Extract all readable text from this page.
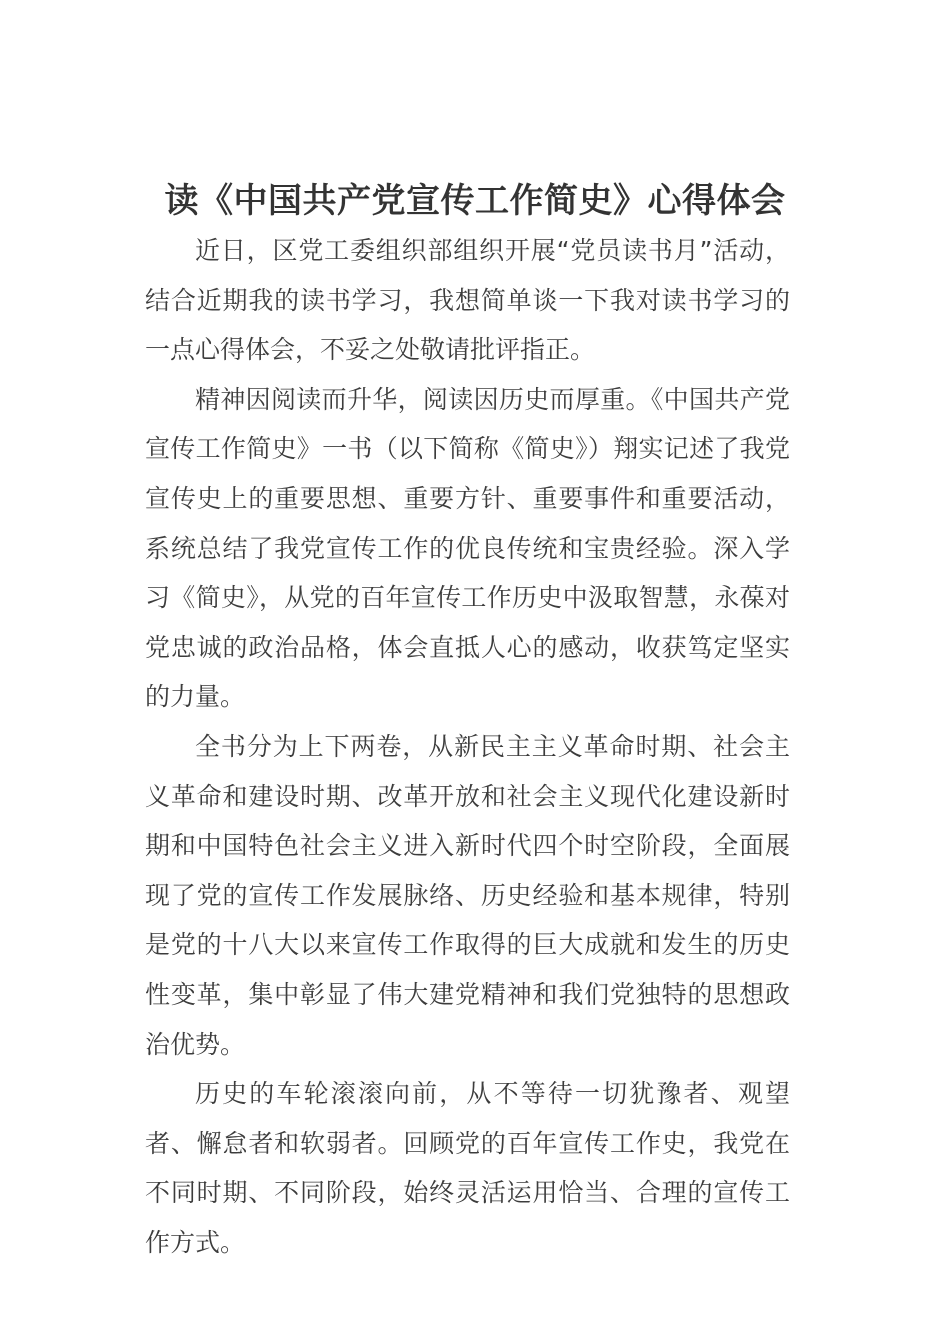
读《中国共产党宣传工作简史》心得体会

近日，区党工委组织部组织开展“党员读书月”活动，结合近期我的读书学习，我想简单谈一下我对读书学习的一点心得体会，不妥之处敬请批评指正。

精神因阅读而升华，阅读因历史而厚重。《中国共产党宣传工作简史》一书（以下简称《简史》）翔实记述了我党宣传史上的重要思想、重要方针、重要事件和重要活动，系统总结了我党宣传工作的优良传统和宝贵经验。深入学习《简史》，从党的百年宣传工作历史中汲取智慧，永葆对党忠诚的政治品格，体会直抵人心的感动，收获笃定坚实的力量。

全书分为上下两卷，从新民主主义革命时期、社会主义革命和建设时期、改革开放和社会主义现代化建设新时期和中国特色社会主义进入新时代四个时空阶段，全面展现了党的宣传工作发展脉络、历史经验和基本规律，特别是党的十八大以来宣传工作取得的巨大成就和发生的历史性变革，集中彰显了伟大建党精神和我们党独特的思想政治优势。

历史的车轮滚滚向前，从不等待一切犹豫者、观望者、懈怠者和软弱者。回顾党的百年宣传工作史，我党在不同时期、不同阶段，始终灵活运用恰当、合理的宣传工作方式。
